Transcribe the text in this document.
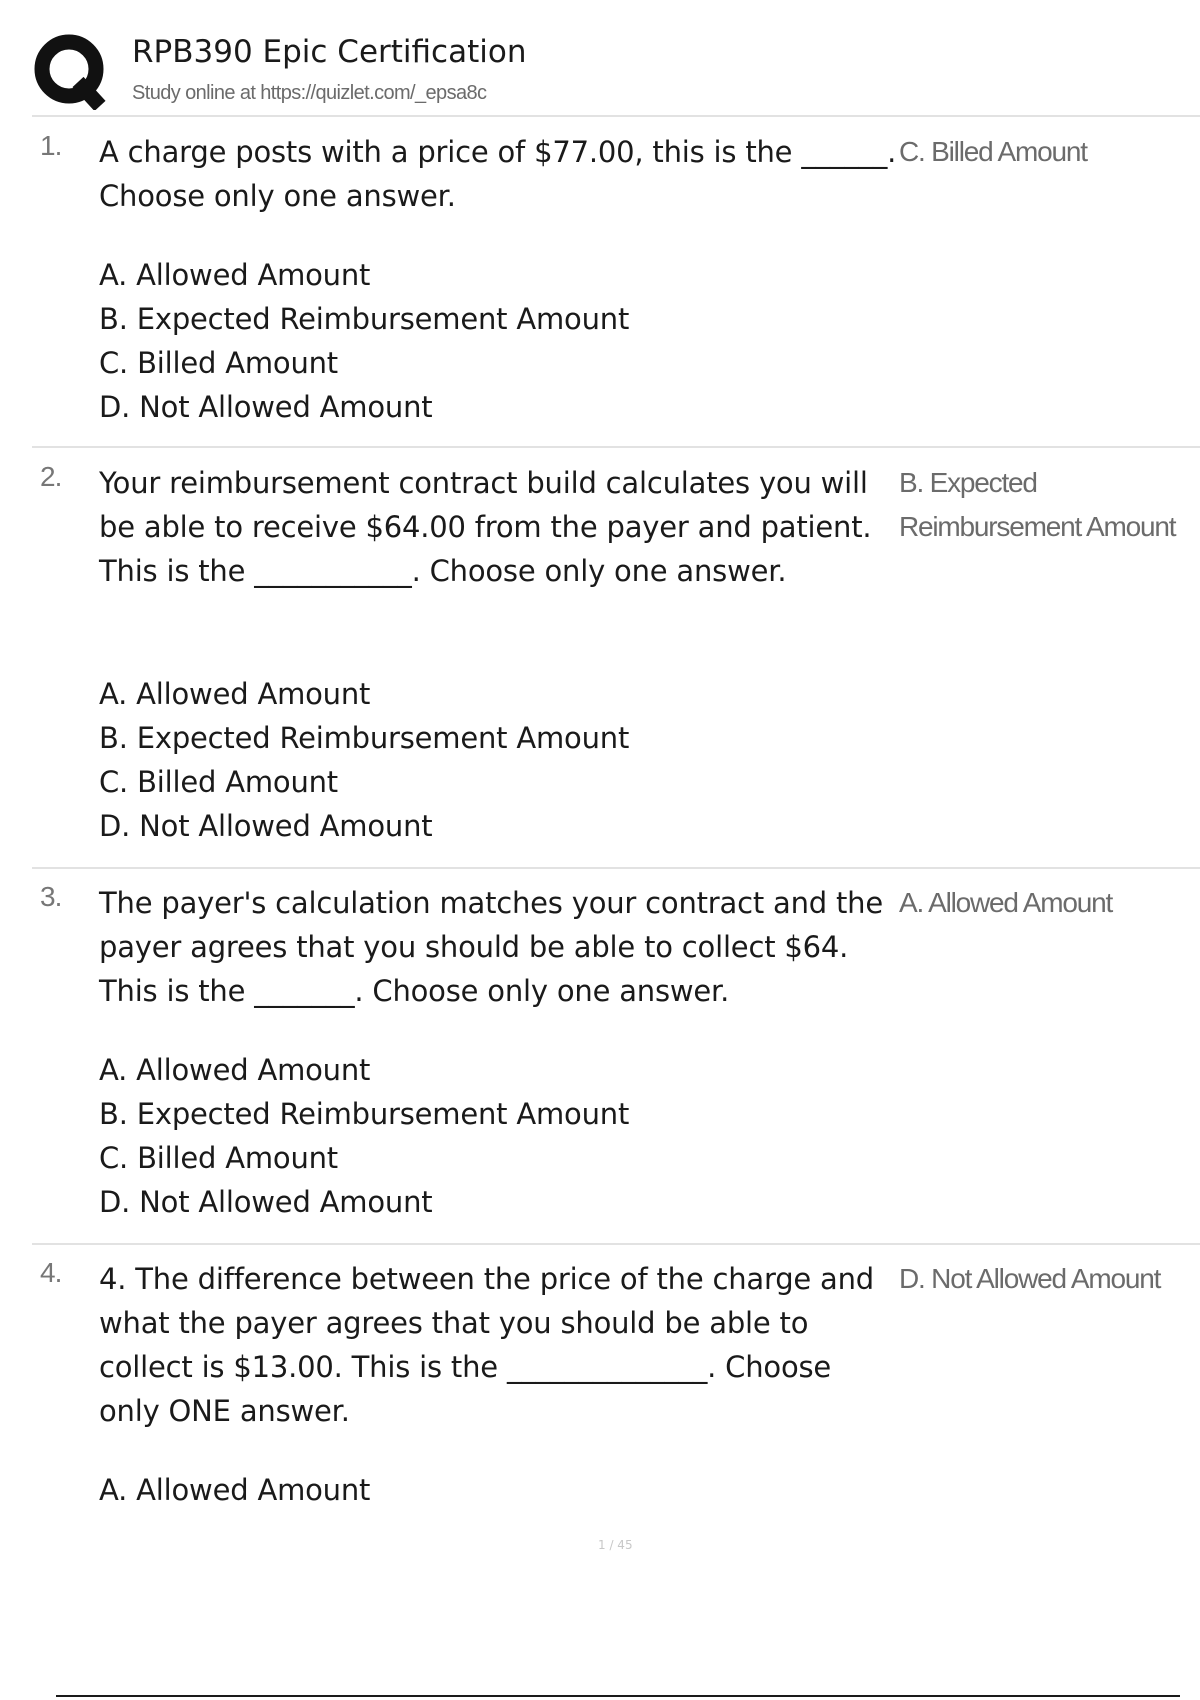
RPB390 Epic Certification
Study online at https://quizlet.com/_epsa8c
1. A charge posts with a price of $77.00, this is the ______. Choose only one answer.
A. Allowed Amount
B. Expected Reimbursement Amount
C. Billed Amount
D. Not Allowed Amount
C. Billed Amount
2. Your reimbursement contract build calculates you will be able to receive $64.00 from the payer and patient. This is the ___________. Choose only one answer.
A. Allowed Amount
B. Expected Reimbursement Amount
C. Billed Amount
D. Not Allowed Amount
B. Expected Reimbursement Amount
3. The payer's calculation matches your contract and the payer agrees that you should be able to collect $64. This is the _______. Choose only one answer.
A. Allowed Amount
B. Expected Reimbursement Amount
C. Billed Amount
D. Not Allowed Amount
A. Allowed Amount
4. 4. The difference between the price of the charge and what the payer agrees that you should be able to collect is $13.00. This is the ______________. Choose only ONE answer.
A. Allowed Amount
D. Not Allowed Amount
1 / 45
